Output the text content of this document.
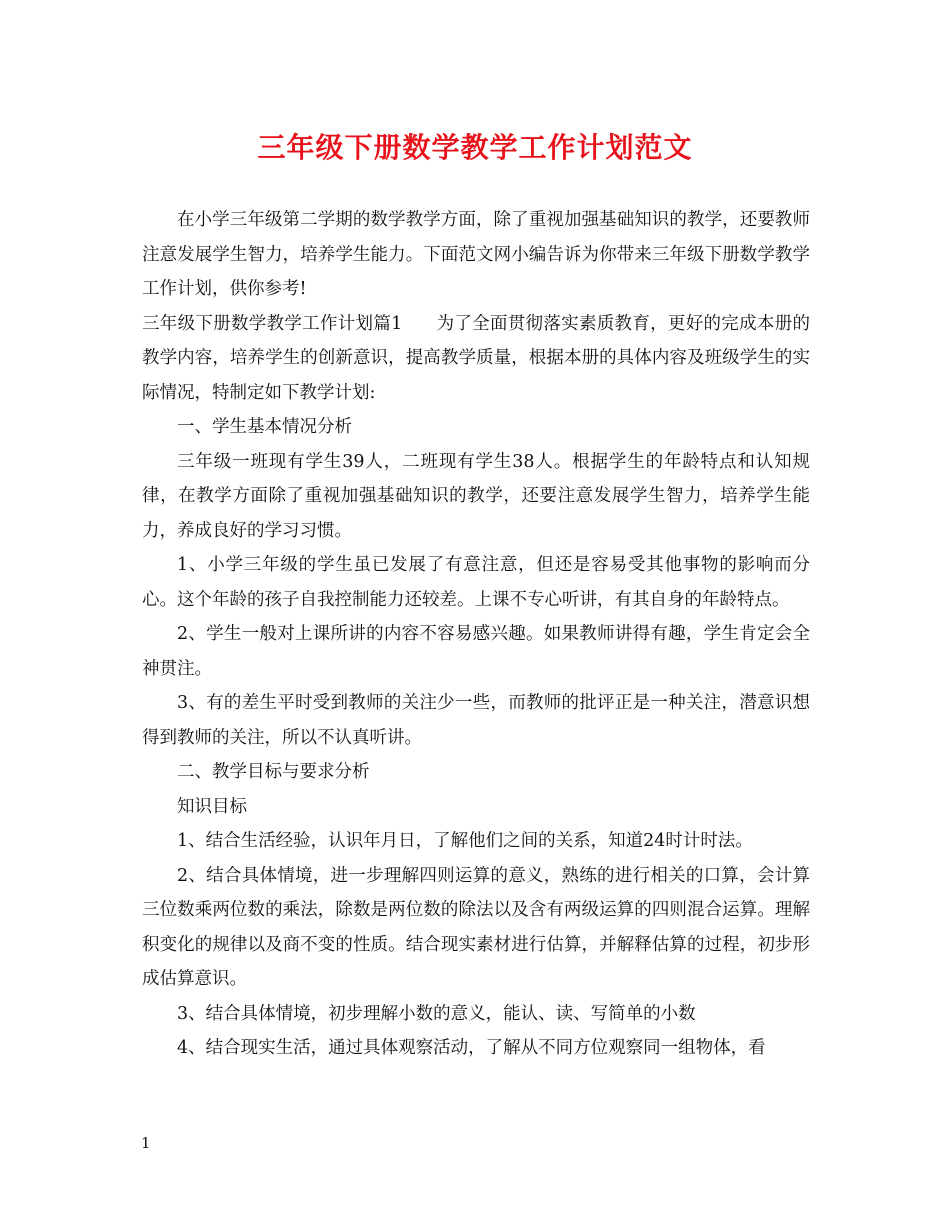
三年级下册数学教学工作计划范文

在小学三年级第二学期的数学教学方面，除了重视加强基础知识的教学，还要教师注意发展学生智力，培养学生能力。下面范文网小编告诉为你带来三年级下册数学教学工作计划，供你参考!

三年级下册数学教学工作计划篇1 为了全面贯彻落实素质教育，更好的完成本册的教学内容，培养学生的创新意识，提高教学质量，根据本册的具体内容及班级学生的实际情况，特制定如下教学计划:

一、学生基本情况分析

三年级一班现有学生39人，二班现有学生38人。根据学生的年龄特点和认知规律，在教学方面除了重视加强基础知识的教学，还要注意发展学生智力，培养学生能力，养成良好的学习习惯。

1、小学三年级的学生虽已发展了有意注意，但还是容易受其他事物的影响而分心。这个年龄的孩子自我控制能力还较差。上课不专心听讲，有其自身的年龄特点。

2、学生一般对上课所讲的内容不容易感兴趣。如果教师讲得有趣，学生肯定会全神贯注。

3、有的差生平时受到教师的关注少一些，而教师的批评正是一种关注，潜意识想得到教师的关注，所以不认真听讲。

二、教学目标与要求分析

知识目标

1、结合生活经验，认识年月日，了解他们之间的关系，知道24时计时法。

2、结合具体情境，进一步理解四则运算的意义，熟练的进行相关的口算，会计算三位数乘两位数的乘法，除数是两位数的除法以及含有两级运算的四则混合运算。理解积变化的规律以及商不变的性质。结合现实素材进行估算，并解释估算的过程，初步形成估算意识。

3、结合具体情境，初步理解小数的意义，能认、读、写简单的小数

4、结合现实生活，通过具体观察活动，了解从不同方位观察同一组物体，看

1
